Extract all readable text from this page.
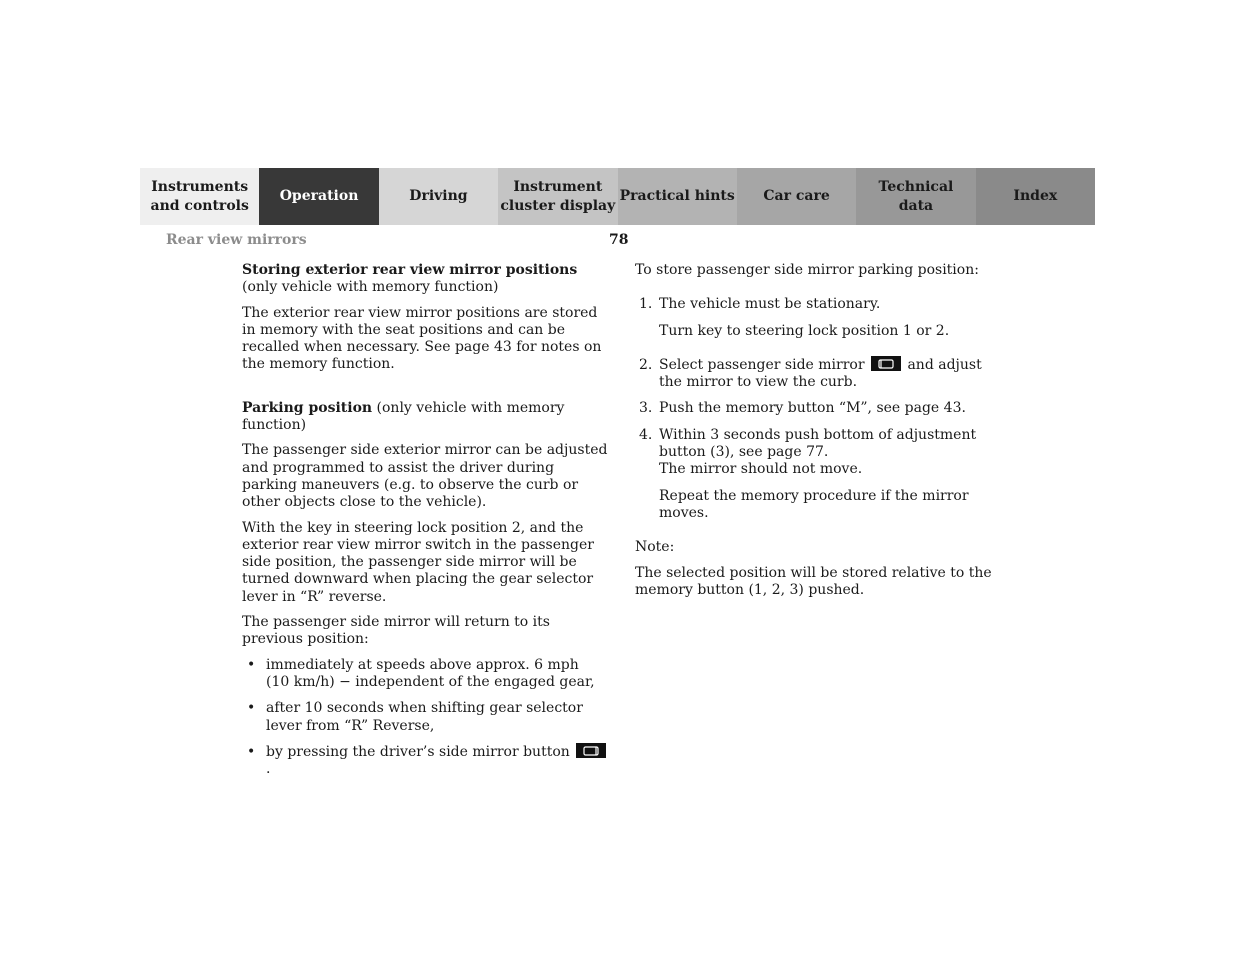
Instruments
and controls
Operation	Driving
Instrument
cluster display
Practical hints	Car care
Technical
data
Index
Rear view mirrors	78

Storing exterior rear view mirror positions

(only vehicle with memory function)

The exterior rear view mirror positions are stored in memory with the seat positions and can be recalled when necessary. See page 43 for notes on the memory function.

Parking position (only vehicle with memory function)

The passenger side exterior mirror can be adjusted and programmed to assist the driver during parking maneuvers (e.g. to observe the curb or other objects close to the vehicle).

With the key in steering lock position 2, and the exterior rear view mirror switch in the passenger side position, the passenger side mirror will be turned downward when placing the gear selector lever in “R” reverse.

The passenger side mirror will return to its previous position:

• immediately at speeds above approx. 6 mph
(10 km/h) − independent of the engaged gear,
• after 10 seconds when shifting gear selector lever from “R” Reverse,
• by pressing the driver’s side mirror button
.

To store passenger side mirror parking position:

1. The vehicle must be stationary.
Turn key to steering lock position 1 or 2.
2. Select passenger side mirror
and adjust the mirror to view the curb.
3. Push the memory button “M”, see page 43.
4. Within 3 seconds push bottom of adjustment button (3), see page 77.
The mirror should not move.
Repeat the memory procedure if the mirror moves.

Note:

The selected position will be stored relative to the memory button (1, 2, 3) pushed.
